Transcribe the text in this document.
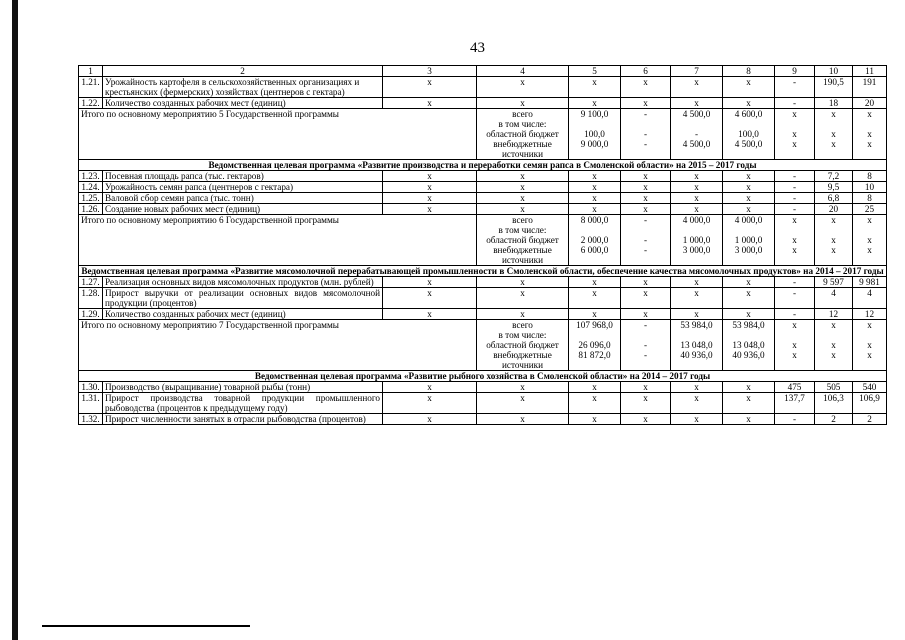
43
1	2	3	4	5	6	7	8	9	10	11
1.21.	Урожайность картофеля в сельскохозяйственных организациях и крестьянских (фермерских) хозяйствах (центнеров с гектара)	x	x	x	x	x	x	-	190,5	191
1.22.	Количество созданных рабочих мест (единиц)	x	x	x	x	x	x	-	18	20
Итого по основному мероприятию 5 Государственной программы			всего	9 100,0	-	4 500,0	4 600,0	x	x	x
			в том числе:							
			областной бюджет	100,0	-	-	100,0	x	x	x
			внебюджетные источники	9 000,0	-	4 500,0	4 500,0	x	x	x
Ведомственная целевая программа «Развитие производства и переработки семян рапса в Смоленской области» на 2015 – 2017 годы										
1.23.	Посевная площадь рапса (тыс. гектаров)	x	x	x	x	x	x	-	7,2	8
1.24.	Урожайность семян рапса (центнеров с гектара)	x	x	x	x	x	x	-	9,5	10
1.25.	Валовой сбор семян рапса (тыс. тонн)	x	x	x	x	x	x	-	6,8	8
1.26.	Создание новых рабочих мест (единиц)	x	x	x	x	x	x	-	20	25
Итого по основному мероприятию 6 Государственной программы			всего	8 000,0	-	4 000,0	4 000,0	x	x	x
			в том числе:							
			областной бюджет	2 000,0	-	1 000,0	1 000,0	x	x	x
			внебюджетные источники	6 000,0	-	3 000,0	3 000,0	x	x	x
Ведомственная целевая программа «Развитие мясомолочной перерабатывающей промышленности в Смоленской области, обеспечение качества мясомолочных продуктов» на 2014 – 2017 годы										
1.27.	Реализация основных видов мясомолочных продуктов (млн. рублей)	x	x	x	x	x	x	-	9 597	9 981
1.28.	Прирост выручки от реализации основных видов мясомолочной продукции (процентов)	x	x	x	x	x	x	-	4	4
1.29.	Количество созданных рабочих мест (единиц)	x	x	x	x	x	x	-	12	12
Итого по основному мероприятию 7 Государственной программы			всего	107 968,0	-	53 984,0	53 984,0	x	x	x
			в том числе:							
			областной бюджет	26 096,0	-	13 048,0	13 048,0	x	x	x
			внебюджетные источники	81 872,0	-	40 936,0	40 936,0	x	x	x
Ведомственная целевая программа «Развитие рыбного хозяйства в Смоленской области» на 2014 – 2017 годы										
1.30.	Производство (выращивание) товарной рыбы (тонн)	x	x	x	x	x	x	475	505	540
1.31.	Прирост производства товарной продукции промышленного рыбоводства (процентов к предыдущему году)	x	x	x	x	x	x	137,7	106,3	106,9
1.32.	Прирост численности занятых в отрасли рыбоводства (процентов)	x	x	x	x	x	x	-	2	2
